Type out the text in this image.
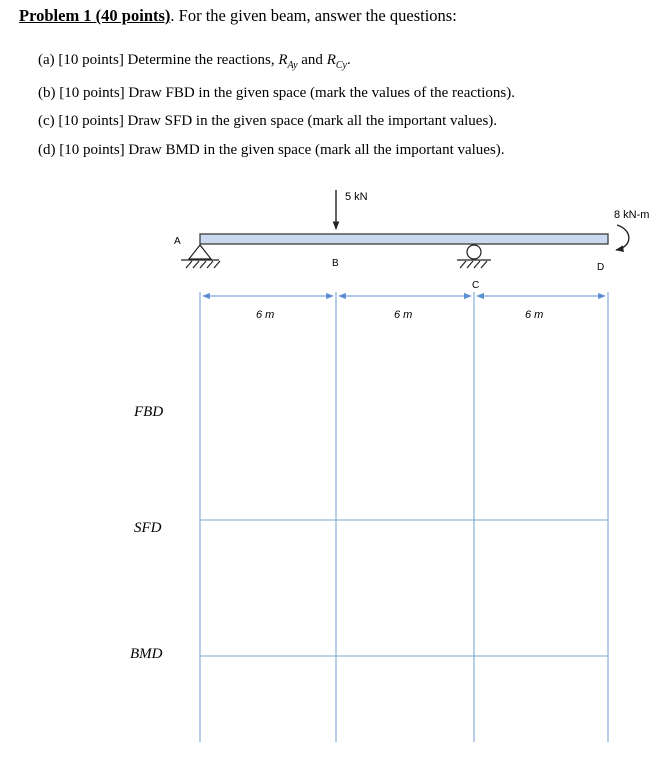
Problem 1 (40 points). For the given beam, answer the questions:
(a) [10 points] Determine the reactions, $R_{Ay}$ and $R_{Cy}$.
(b) [10 points] Draw FBD in the given space (mark the values of the reactions).
(c) [10 points] Draw SFD in the given space (mark all the important values).
(d) [10 points] Draw BMD in the given space (mark all the important values).
5 kN
8 kN-m
A
B
C
D
6 m	6 m	6 m
FBD
SFD
BMD
